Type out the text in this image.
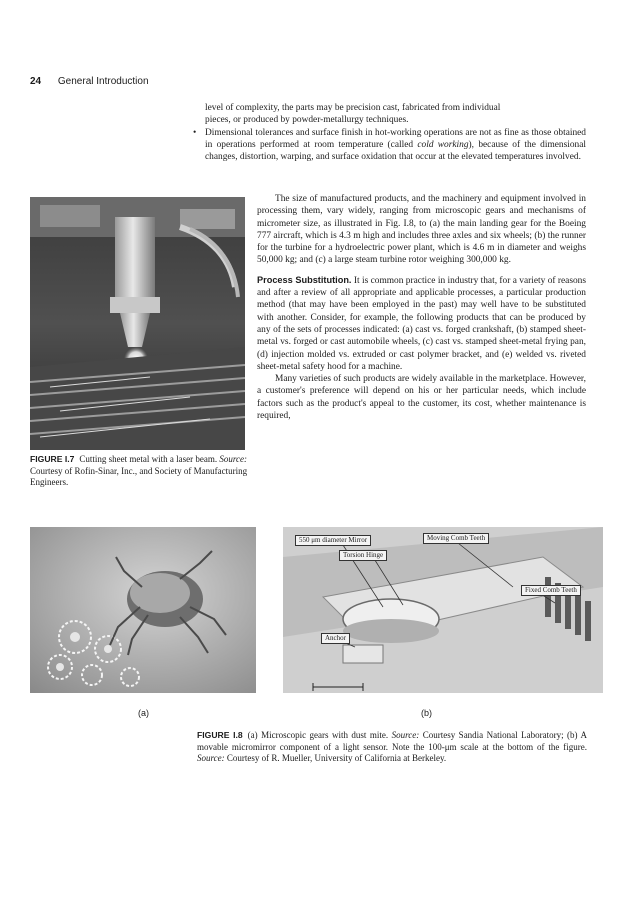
24 General Introduction
level of complexity, the parts may be precision cast, fabricated from individual
pieces, or produced by powder-metallurgy techniques.

• Dimensional tolerances and surface finish in hot-working operations are not as fine as those obtained in operations performed at room temperature (called cold working), because of the dimensional changes, distortion, warping, and surface oxidation that occur at the elevated temperatures involved.

FIGURE I.7 Cutting sheet metal with a laser beam. Source: Courtesy of Rofin-Sinar, Inc., and Society of Manufacturing Engineers.

The size of manufactured products, and the machinery and equipment involved in processing them, vary widely, ranging from microscopic gears and mechanisms of micrometer size, as illustrated in Fig. I.8, to (a) the main landing gear for the Boeing 777 aircraft, which is 4.3 m high and includes three axles and six wheels; (b) the runner for the turbine for a hydroelectric power plant, which is 4.6 m in diameter and weighs 50,000 kg; and (c) a large steam turbine rotor weighing 300,000 kg.

Process Substitution. It is common practice in industry that, for a variety of reasons and after a review of all appropriate and applicable processes, a particular production method (that may have been employed in the past) may well have to be substituted with another. Consider, for example, the following products that can be produced by any of the sets of processes indicated: (a) cast vs. forged crankshaft, (b) stamped sheet-metal vs. forged or cast automobile wheels, (c) cast vs. stamped sheet-metal frying pan, (d) injection molded vs. extruded or cast polymer bracket, and (e) welded vs. riveted sheet-metal safety hood for a machine.

Many varieties of such products are widely available in the marketplace. However, a customer's preference will depend on his or her particular needs, which include factors such as the product's appeal to the customer, its cost, whether maintenance is required,

550 μm diameter Mirror
Torsion Hinge
Moving Comb Teeth
Fixed Comb Teeth
Anchor
(a)	(b)
FIGURE I.8 (a) Microscopic gears with dust mite. Source: Courtesy Sandia National Laboratory; (b) A movable micromirror component of a light sensor. Note the 100-μm scale at the bottom of the figure. Source: Courtesy of R. Mueller, University of California at Berkeley.
